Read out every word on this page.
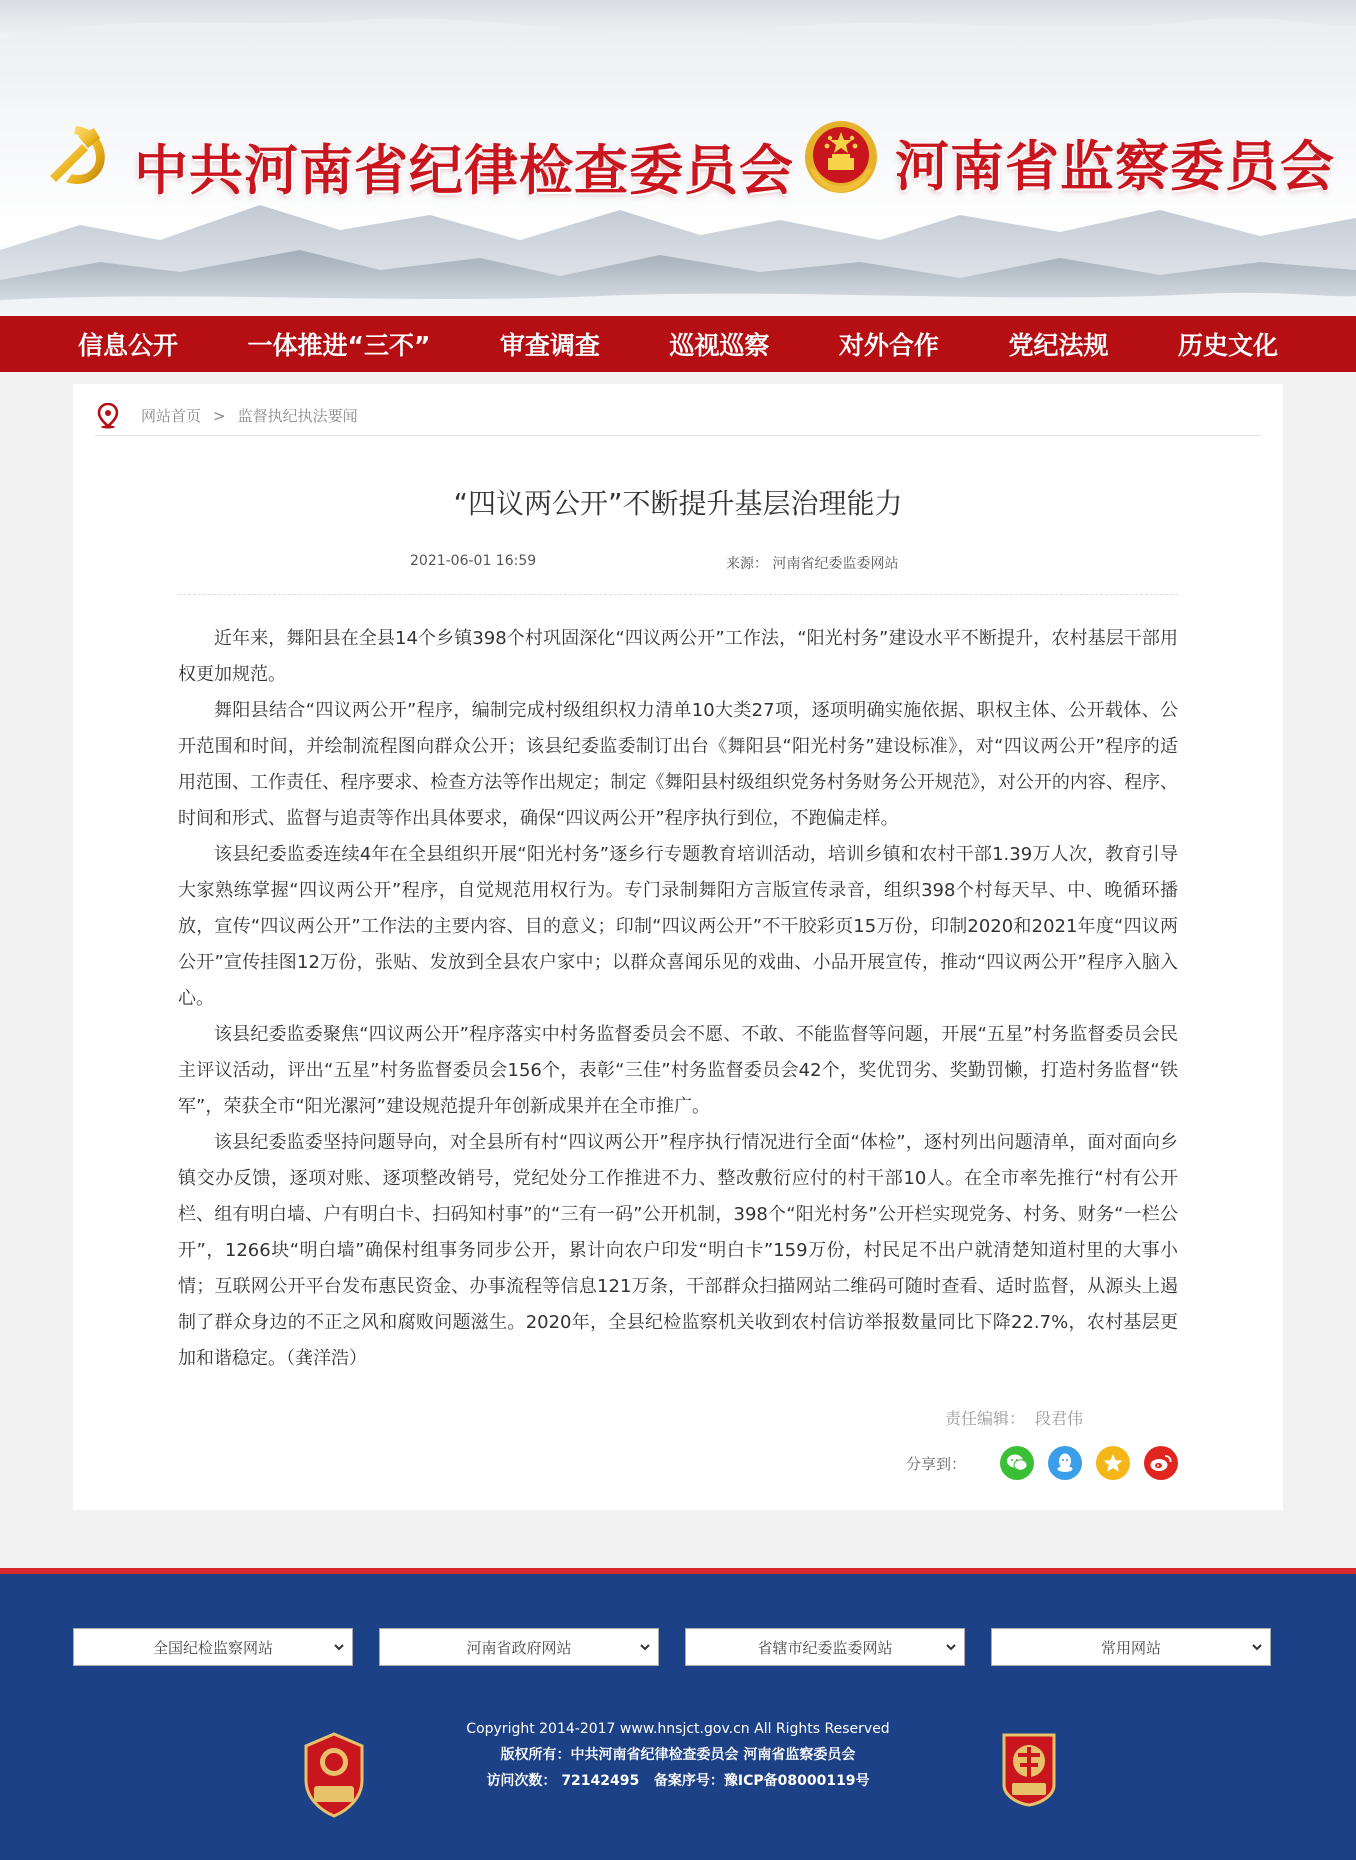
中共河南省纪律检查委员会 河南省监察委员会
信息公开	一体推进“三不”	审查调查	巡视巡察	对外合作	党纪法规	历史文化
网站首页 > 监督执纪执法要闻
“四议两公开”不断提升基层治理能力
2021-06-01 16:59	来源： 河南省纪委监委网站

近年来，舞阳县在全县14个乡镇398个村巩固深化“四议两公开”工作法，“阳光村务”建设水平不断提升，农村基层干部用权更加规范。

舞阳县结合“四议两公开”程序，编制完成村级组织权力清单10大类27项，逐项明确实施依据、职权主体、公开载体、公开范围和时间，并绘制流程图向群众公开；该县纪委监委制订出台《舞阳县“阳光村务”建设标准》，对“四议两公开”程序的适用范围、工作责任、程序要求、检查方法等作出规定；制定《舞阳县村级组织党务村务财务公开规范》，对公开的内容、程序、时间和形式、监督与追责等作出具体要求，确保“四议两公开”程序执行到位，不跑偏走样。

该县纪委监委连续4年在全县组织开展“阳光村务”逐乡行专题教育培训活动，培训乡镇和农村干部1.39万人次，教育引导大家熟练掌握“四议两公开”程序，自觉规范用权行为。专门录制舞阳方言版宣传录音，组织398个村每天早、中、晚循环播放，宣传“四议两公开”工作法的主要内容、目的意义；印制“四议两公开”不干胶彩页15万份，印制2020和2021年度“四议两公开”宣传挂图12万份，张贴、发放到全县农户家中；以群众喜闻乐见的戏曲、小品开展宣传，推动“四议两公开”程序入脑入心。

该县纪委监委聚焦“四议两公开”程序落实中村务监督委员会不愿、不敢、不能监督等问题，开展“五星”村务监督委员会民主评议活动，评出“五星”村务监督委员会156个，表彰“三佳”村务监督委员会42个，奖优罚劣、奖勤罚懒，打造村务监督“铁军”，荣获全市“阳光漯河”建设规范提升年创新成果并在全市推广。

该县纪委监委坚持问题导向，对全县所有村“四议两公开”程序执行情况进行全面“体检”，逐村列出问题清单，面对面向乡镇交办反馈，逐项对账、逐项整改销号，党纪处分工作推进不力、整改敷衍应付的村干部10人。在全市率先推行“村有公开栏、组有明白墙、户有明白卡、扫码知村事”的“三有一码”公开机制，398个“阳光村务”公开栏实现党务、村务、财务“一栏公开”，1266块“明白墙”确保村组事务同步公开，累计向农户印发“明白卡”159万份，村民足不出户就清楚知道村里的大事小情；互联网公开平台发布惠民资金、办事流程等信息121万条，干部群众扫描网站二维码可随时查看、适时监督，从源头上遏制了群众身边的不正之风和腐败问题滋生。2020年，全县纪检监察机关收到农村信访举报数量同比下降22.7%，农村基层更加和谐稳定。（龚洋浩）

责任编辑： 段君伟
分享到：
全国纪检监察网站	河南省政府网站	省辖市纪委监委网站	常用网站
Copyright 2014-2017 www.hnsjct.gov.cn All Rights Reserved
版权所有：中共河南省纪律检查委员会 河南省监察委员会
访问次数： 72142495 备案序号：豫ICP备08000119号
